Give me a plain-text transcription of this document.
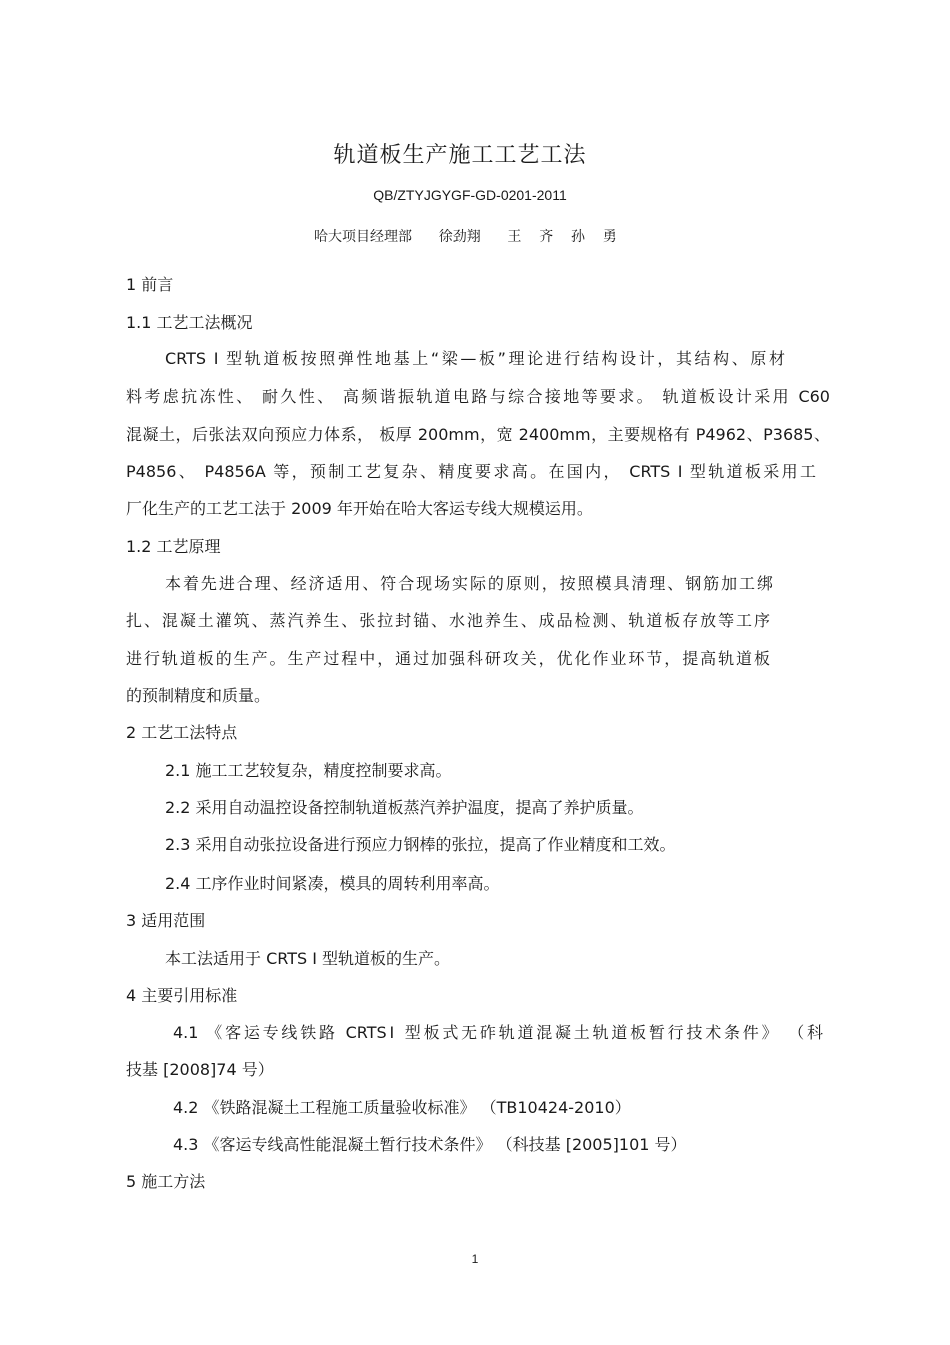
轨道板生产施工工艺工法
QB/ZTYJGYGF-GD-0201-2011
哈大项目经理部      徐劲翔      王    齐    孙    勇
1 前言
1.1 工艺工法概况
CRTS I 型轨道板按照弹性地基上“梁—板”理论进行结构设计，其结构、原材
料考虑抗冻性、 耐久性、 高频谐振轨道电路与综合接地等要求。 轨道板设计采用 C60
混凝土，后张法双向预应力体系， 板厚 200mm，宽 2400mm，主要规格有 P4962、P3685、
P4856、 P4856A 等，预制工艺复杂、精度要求高。在国内， CRTS I 型轨道板采用工
厂化生产的工艺工法于 2009 年开始在哈大客运专线大规模运用。
1.2 工艺原理
本着先进合理、经济适用、符合现场实际的原则，按照模具清理、钢筋加工绑
扎、混凝土灌筑、蒸汽养生、张拉封锚、水池养生、成品检测、轨道板存放等工序
进行轨道板的生产。生产过程中，通过加强科研攻关，优化作业环节，提高轨道板
的预制精度和质量。
2 工艺工法特点
2.1 施工工艺较复杂，精度控制要求高。
2.2 采用自动温控设备控制轨道板蒸汽养护温度，提高了养护质量。
2.3 采用自动张拉设备进行预应力钢棒的张拉，提高了作业精度和工效。
2.4 工序作业时间紧凑，模具的周转利用率高。
3 适用范围
本工法适用于 CRTS I 型轨道板的生产。
4 主要引用标准
4.1 《客运专线铁路 CRTSⅠ 型板式无砟轨道混凝土轨道板暂行技术条件》 （科
技基 [2008]74 号）
4.2 《铁路混凝土工程施工质量验收标准》 （TB10424-2010）
4.3 《客运专线高性能混凝土暂行技术条件》 （科技基 [2005]101 号）
5 施工方法
1
